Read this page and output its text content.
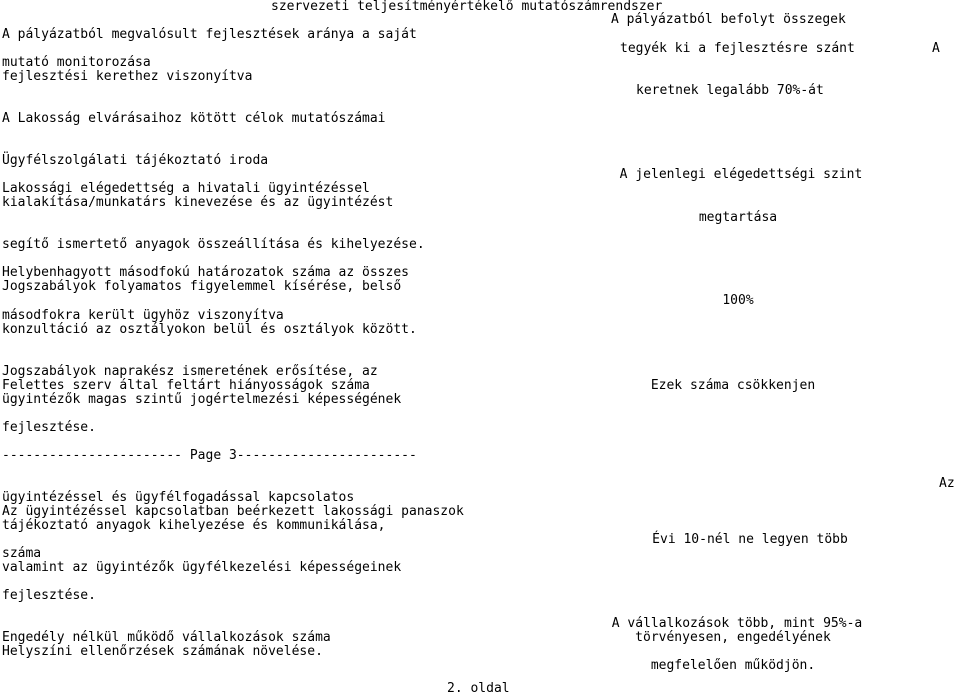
szervezeti teljesítményértékelő mutatószámrendszer
A pályázatból megvalósult fejlesztések aránya a saját
mutató monitorozása
fejlesztési kerethez viszonyítva
A pályázatból befolyt összegek
tegyék ki a fejlesztésre szánt	A
keretnek legalább 70%-át
A Lakosság elvárásaihoz kötött célok mutatószámai
Ügyfélszolgálati tájékoztató iroda
Lakossági elégedettség a hivatali ügyintézéssel
kialakítása/munkatárs kinevezése és az ügyintézést
segítő ismertető anyagok összeállítása és kihelyezése.
A jelenlegi elégedettségi szint
megtartása
Helybenhagyott másodfokú határozatok száma az összes
Jogszabályok folyamatos figyelemmel kísérése, belső
másodfokra került ügyhöz viszonyítva
konzultáció az osztályokon belül és osztályok között.
100%
Jogszabályok naprakész ismeretének erősítése, az
Felettes szerv által feltárt hiányosságok száma
ügyintézők magas szintű jogértelmezési képességének
fejlesztése.
Ezek száma csökkenjen
----------------------- Page 3-----------------------
Az
ügyintézéssel és ügyfélfogadással kapcsolatos
Az ügyintézéssel kapcsolatban beérkezett lakossági panaszok
tájékoztató anyagok kihelyezése és kommunikálása,
száma
valamint az ügyintézők ügyfélkezelési képességeinek
fejlesztése.
Évi 10-nél ne legyen több
Engedély nélkül működő vállalkozások száma
Helyszíni ellenőrzések számának növelése.
A vállalkozások több, mint 95%-a
törvényesen, engedélyének
megfelelően működjön.
2. oldal
